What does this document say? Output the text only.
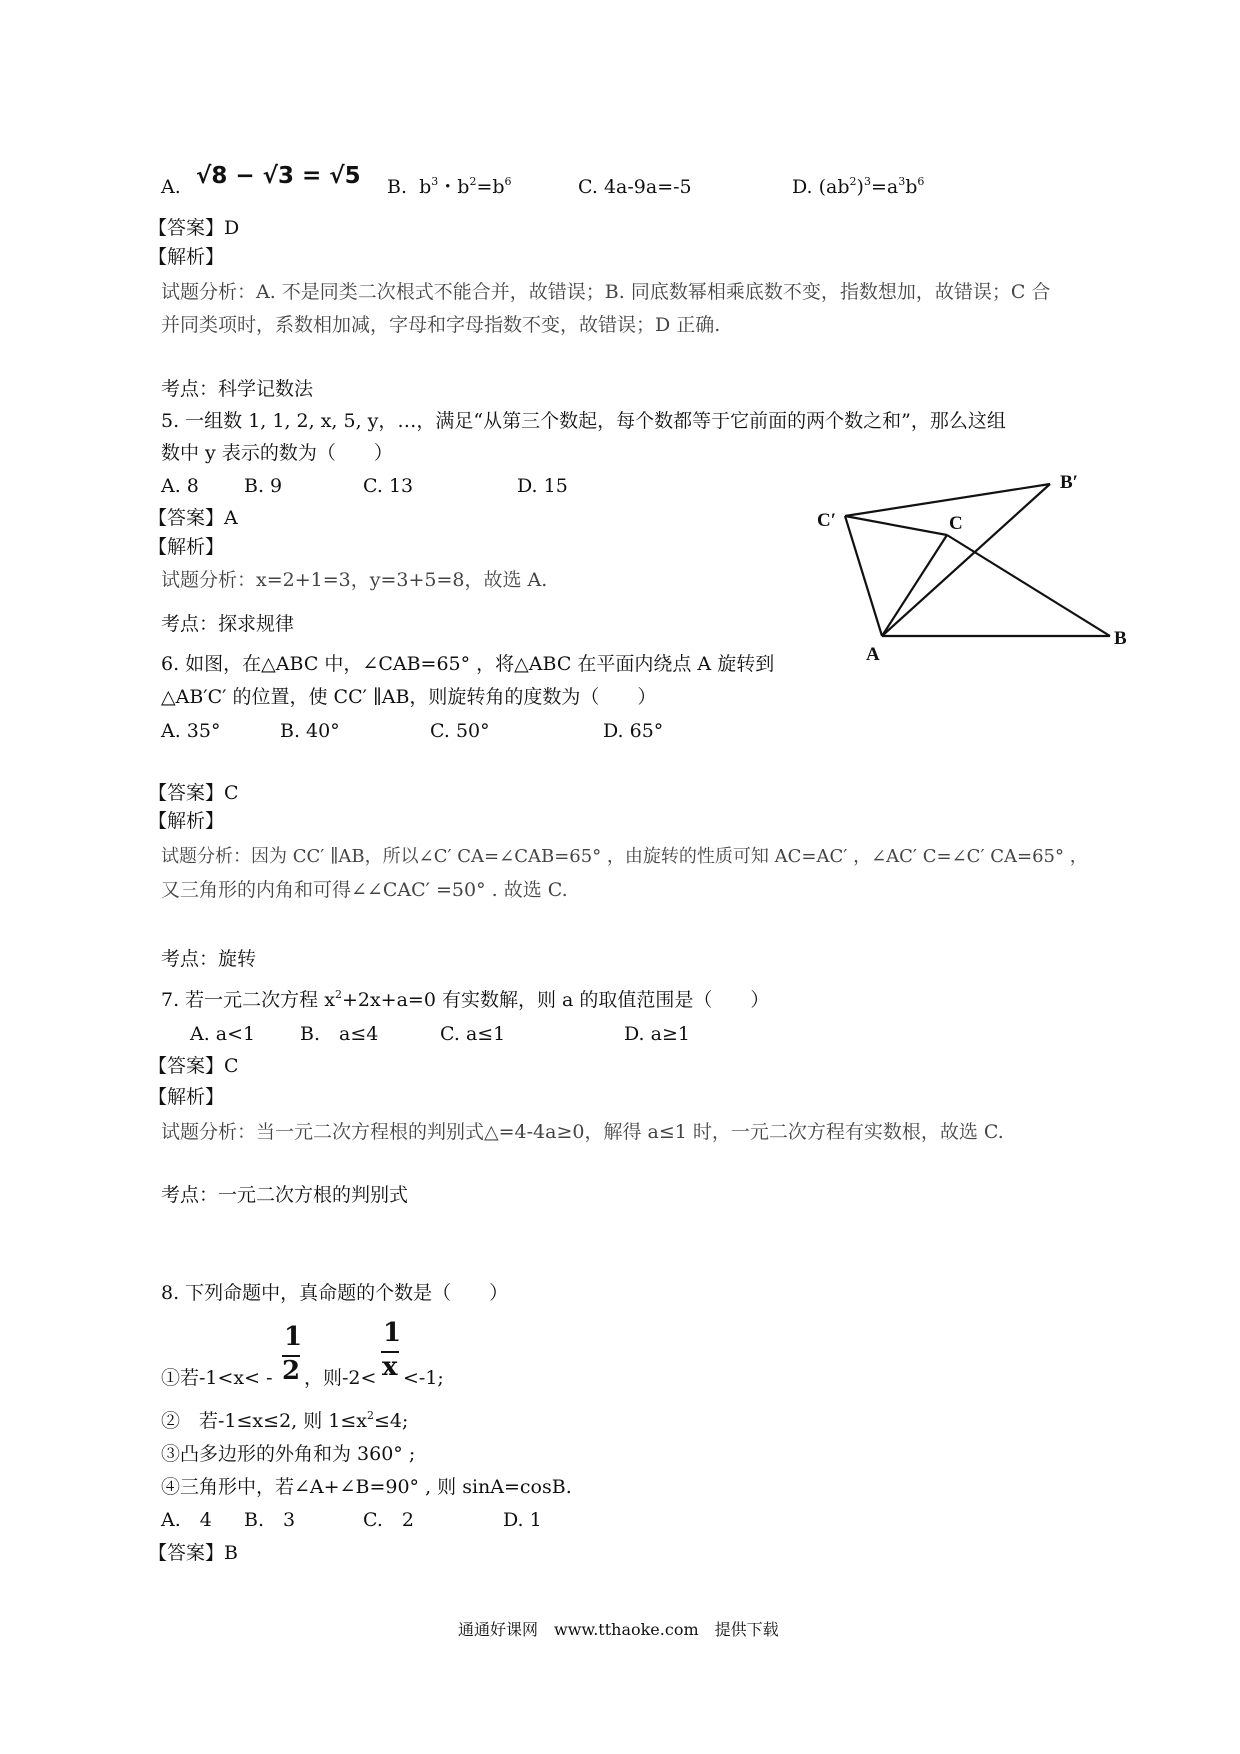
A. √8 − √3 = √5 B. $b^3$・$b^2=b^6$	C. 4a-9a=-5	D. $(ab^2)^3=a^3b^6$
【答案】D
【解析】
试题分析：A. 不是同类二次根式不能合并，故错误；B. 同底数幂相乘底数不变，指数想加，故错误；C 合
并同类项时，系数相加减，字母和字母指数不变，故错误；D 正确.
考点：科学记数法
5. 一组数 1, 1, 2, x, 5, y，…，满足“从第三个数起，每个数都等于它前面的两个数之和”，那么这组
数中 y 表示的数为（　　）
A. 8 B. 9	C. 13	D. 15
【答案】A
【解析】
试题分析：x=2+1=3，y=3+5=8，故选 A.
考点：探求规律
A
B
C
B′
C′
6. 如图，在△ABC 中，∠CAB=65° ，将△ABC 在平面内绕点 A 旋转到
△AB′C′ 的位置，使 CC′ ∥AB，则旋转角的度数为（　　）
A. 35°	B. 40°	C. 50°	D. 65°
【答案】C
【解析】
试题分析：因为 CC′ ∥AB，所以∠C′ CA=∠CAB=65° ，由旋转的性质可知 AC=AC′ ，∠AC′ C=∠C′ CA=65° ，
又三角形的内角和可得∠∠CAC′ =50° . 故选 C.
考点：旋转
7. 若一元二次方程 $x^2+2x+a=0$ 有实数解，则 a 的取值范围是（　　）
A. a<1 B.　a≤4	C. a≤1	D. a≥1
【答案】C
【解析】
试题分析：当一元二次方程根的判别式△=4-4a≥0，解得 a≤1 时，一元二次方程有实数根，故选 C.
考点：一元二次方根的判别式
8. 下列命题中，真命题的个数是（　　）
①若-1<x< -
1
2 ，则-2<
1
x <-1;
②　若-1≤x≤2, 则 $1\le x^2\le 4$;
③凸多边形的外角和为 360° ;
④三角形中，若∠A+∠B=90° , 则 sinA=cosB.
A.　4 B.　3	C.　2	D. 1
【答案】B
通通好课网　www.tthaoke.com　提供下载
